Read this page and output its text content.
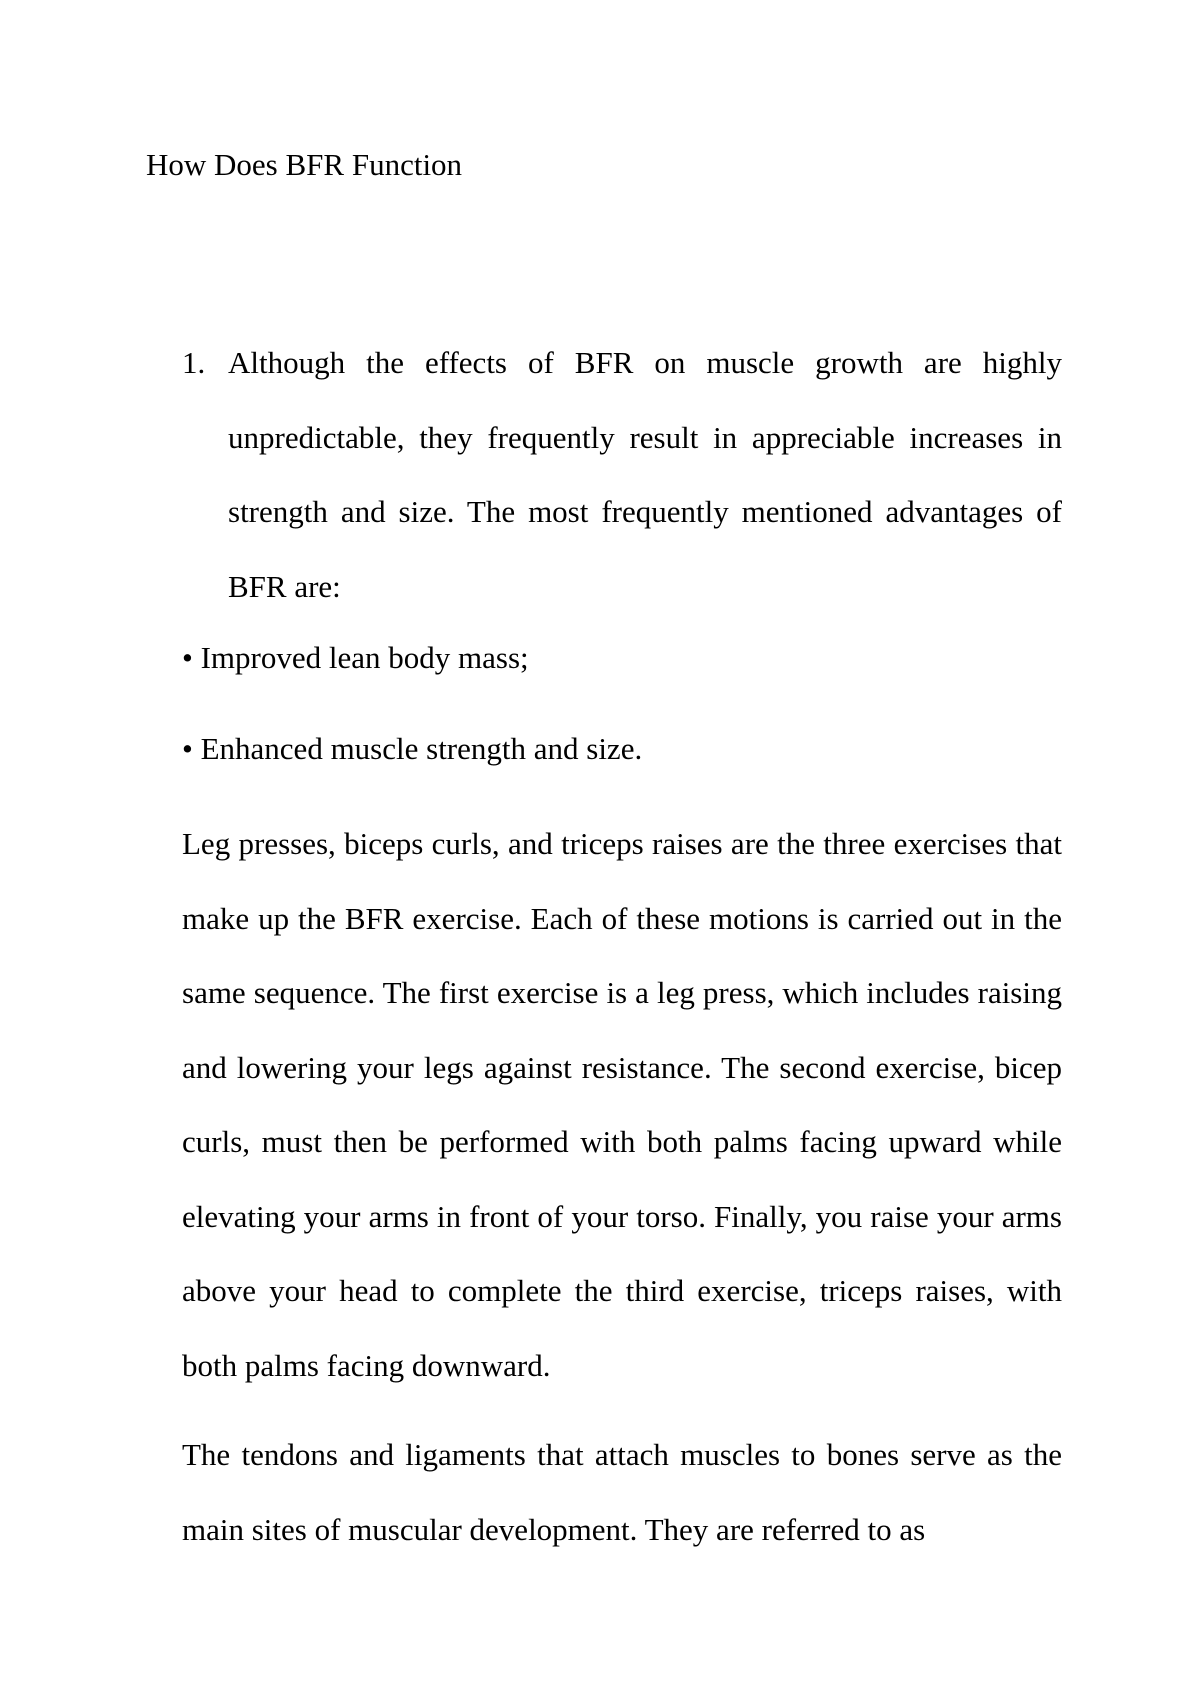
How Does BFR Function
1. Although the effects of BFR on muscle growth are highly unpredictable, they frequently result in appreciable increases in strength and size. The most frequently mentioned advantages of BFR are:

• Improved lean body mass;

• Enhanced muscle strength and size.

Leg presses, biceps curls, and triceps raises are the three exercises that make up the BFR exercise. Each of these motions is carried out in the same sequence. The first exercise is a leg press, which includes raising and lowering your legs against resistance. The second exercise, bicep curls, must then be performed with both palms facing upward while elevating your arms in front of your torso. Finally, you raise your arms above your head to complete the third exercise, triceps raises, with both palms facing downward.

The tendons and ligaments that attach muscles to bones serve as the main sites of muscular development. They are referred to as
